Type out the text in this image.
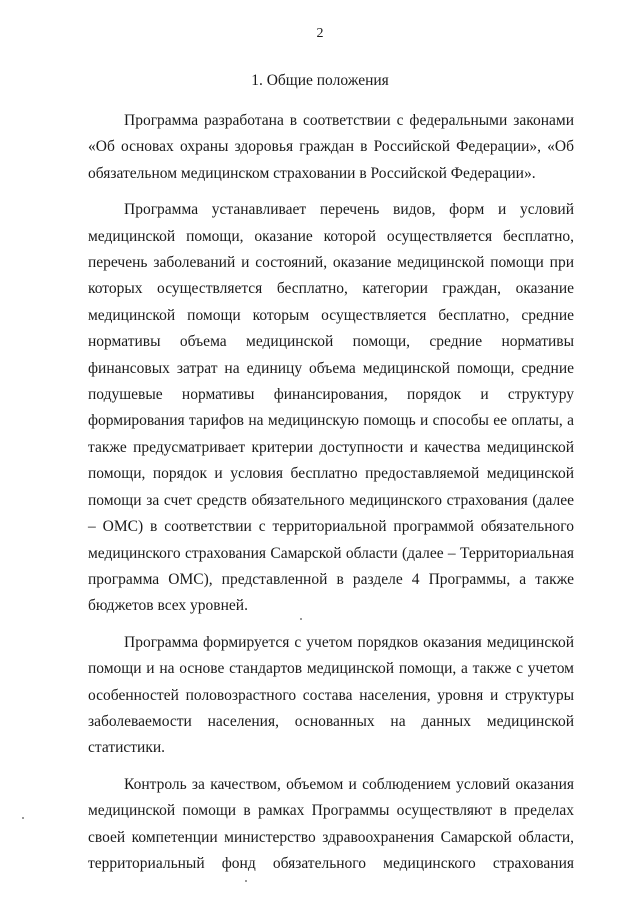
2
1. Общие положения

Программа разработана в соответствии с федеральными законами «Об основах охраны здоровья граждан в Российской Федерации», «Об обязательном медицинском страховании в Российской Федерации».

Программа устанавливает перечень видов, форм и условий медицинской помощи, оказание которой осуществляется бесплатно, перечень заболеваний и состояний, оказание медицинской помощи при которых осуществляется бесплатно, категории граждан, оказание медицинской помощи которым осуществляется бесплатно, средние нормативы объема медицинской помощи, средние нормативы финансовых затрат на единицу объема медицинской помощи, средние подушевые нормативы финансирования, порядок и структуру формирования тарифов на медицинскую помощь и способы ее оплаты, а также предусматривает критерии доступности и качества медицинской помощи, порядок и условия бесплатно предоставляемой медицинской помощи за счет средств обязательного медицинского страхования (далее – ОМС) в соответствии с территориальной программой обязательного медицинского страхования Самарской области (далее – Территориальная программа ОМС), представленной в разделе 4 Программы, а также бюджетов всех уровней.

Программа формируется с учетом порядков оказания медицинской помощи и на основе стандартов медицинской помощи, а также с учетом особенностей половозрастного состава населения, уровня и структуры заболеваемости населения, основанных на данных медицинской статистики.

Контроль за качеством, объемом и соблюдением условий оказания медицинской помощи в рамках Программы осуществляют в пределах своей компетенции министерство здравоохранения Самарской области, территориальный фонд обязательного медицинского страхования
